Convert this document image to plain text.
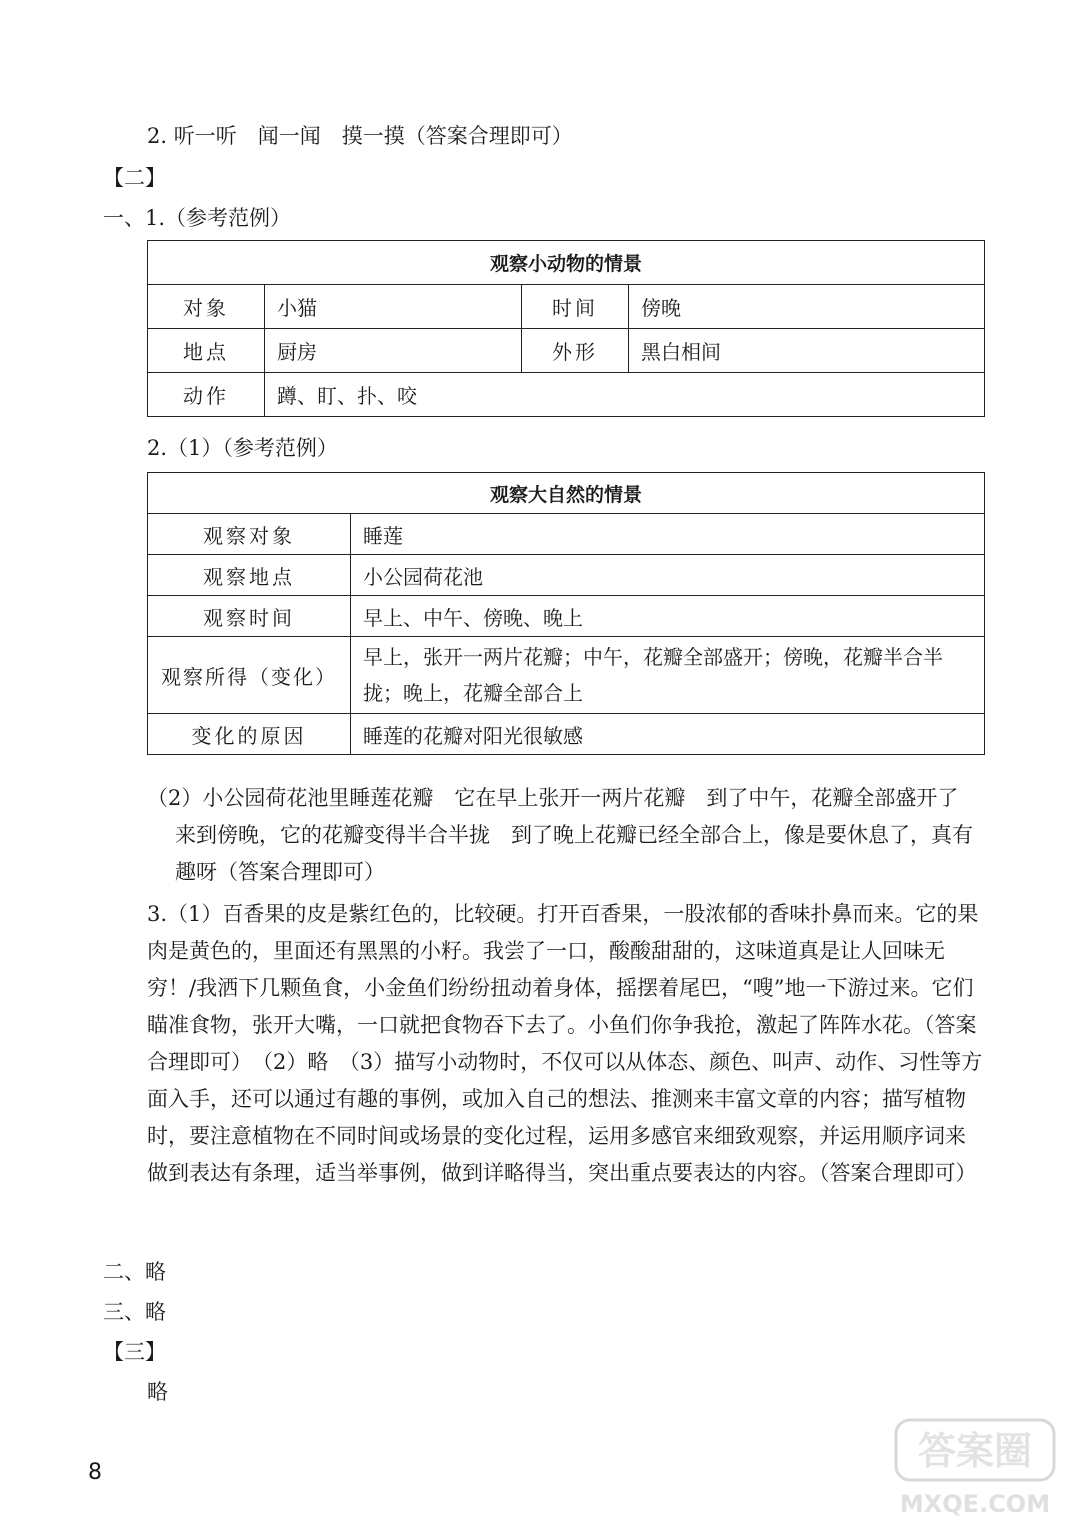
2. 听一听　闻一闻　摸一摸（答案合理即可）
【二】
一、1.（参考范例）
观察小动物的情景			
对象	小猫	时间	傍晚
地点	厨房	外形	黑白相间
动作	蹲、盯、扑、咬		
2.（1）（参考范例）
观察大自然的情景	
观察对象	睡莲
观察地点	小公园荷花池
观察时间	早上、中午、傍晚、晚上
观察所得（变化）	早上，张开一两片花瓣；中午，花瓣全部盛开；傍晚，花瓣半合半拢；晚上，花瓣全部合上
变化的原因	睡莲的花瓣对阳光很敏感

（2）小公园荷花池里睡莲花瓣　它在早上张开一两片花瓣　到了中午，花瓣全部盛开了　来到傍晚，它的花瓣变得半合半拢　到了晚上花瓣已经全部合上，像是要休息了，真有趣呀（答案合理即可）

3.（1）百香果的皮是紫红色的，比较硬。打开百香果，一股浓郁的香味扑鼻而来。它的果肉是黄色的，里面还有黑黑的小籽。我尝了一口，酸酸甜甜的，这味道真是让人回味无穷！/我洒下几颗鱼食，小金鱼们纷纷扭动着身体，摇摆着尾巴，“嗖”地一下游过来。它们瞄准食物，张开大嘴，一口就把食物吞下去了。小鱼们你争我抢，激起了阵阵水花。（答案合理即可）　（2）略　（3）描写小动物时，不仅可以从体态、颜色、叫声、动作、习性等方面入手，还可以通过有趣的事例，或加入自己的想法、推测来丰富文章的内容；描写植物时，要注意植物在不同时间或场景的变化过程，运用多感官来细致观察，并运用顺序词来做到表达有条理，适当举事例，做到详略得当，突出重点要表达的内容。（答案合理即可）

二、略
三、略
【三】
略
8	答案圈
MXQE.COM
